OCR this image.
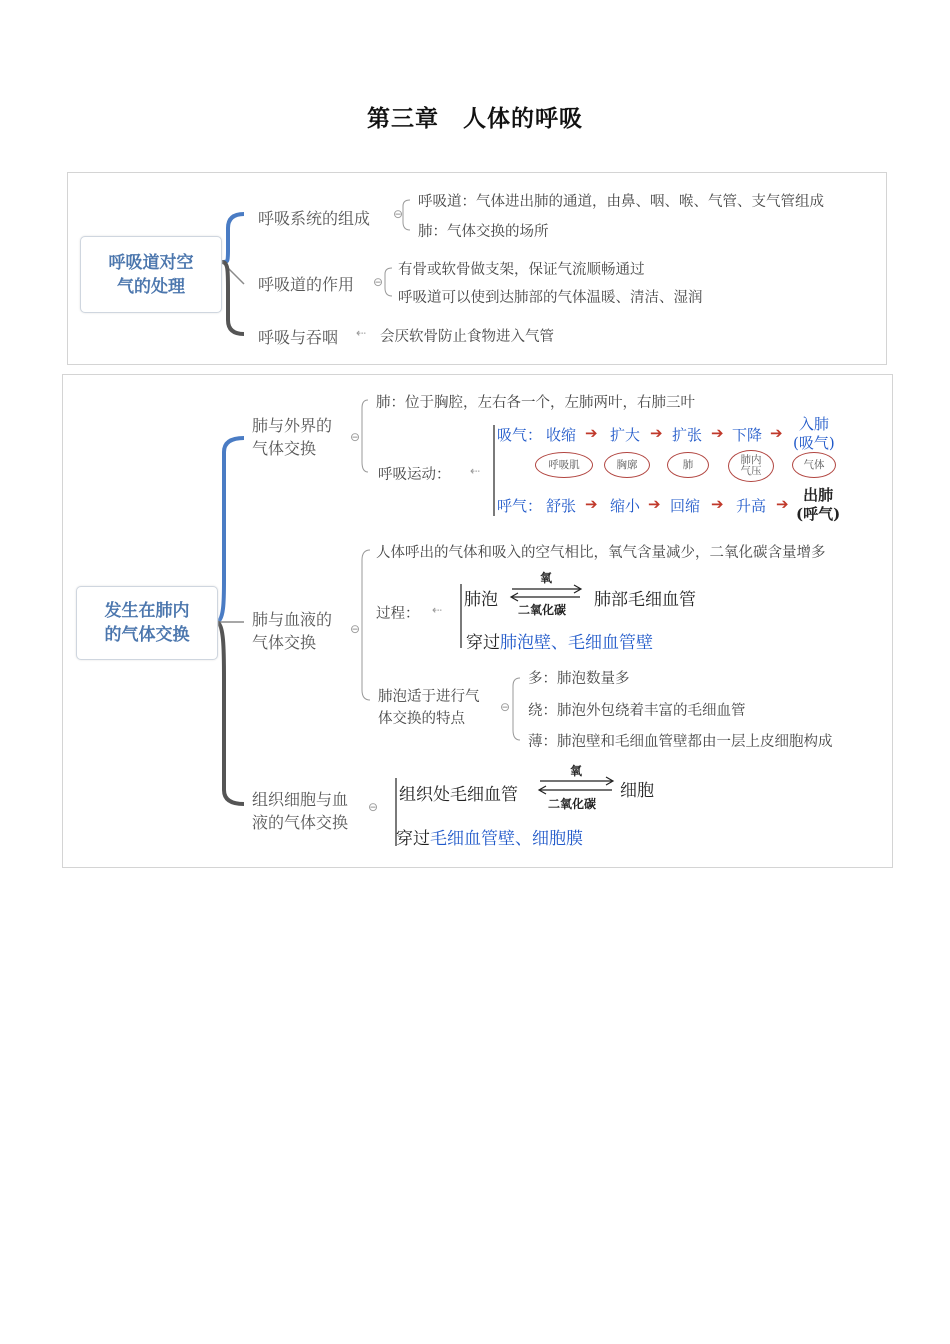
第三章　人体的呼吸
⊖
⊖
⇠
呼吸道对空
气的处理
呼吸系统的组成
呼吸道：气体进出肺的通道，由鼻、咽、喉、气管、支气管组成
肺：气体交换的场所
呼吸道的作用
有骨或软骨做支架，保证气流顺畅通过
呼吸道可以使到达肺部的气体温暖、清洁、湿润
呼吸与吞咽	会厌软骨防止食物进入气管
发生在肺内
的气体交换
肺与外界的
气体交换
⊖
肺：位于胸腔，左右各一个，左肺两叶，右肺三叶
呼吸运动： ⇠
吸气： 收缩 ➔ 扩大 ➔ 扩张 ➔ 下降 ➔	入肺
(吸气)
呼吸肌	胸廓	肺	肺内
气压
气体
呼气： 舒张 ➔ 缩小 ➔ 回缩 ➔ 升高 ➔ 出肺
(呼气)
肺与血液的
气体交换
⊖
人体呼出的气体和吸入的空气相比，氧气含量减少，二氧化碳含量增多
过程： ⇠ 肺泡
氧
二氧化碳 肺部毛细血管
穿过肺泡壁、毛细血管壁
肺泡适于进行气
体交换的特点
⊖
多：肺泡数量多
绕：肺泡外包绕着丰富的毛细血管
薄：肺泡壁和毛细血管壁都由一层上皮细胞构成
组织细胞与血
液的气体交换
⊖
组织处毛细血管
氧
二氧化碳
细胞
穿过毛细血管壁、细胞膜
